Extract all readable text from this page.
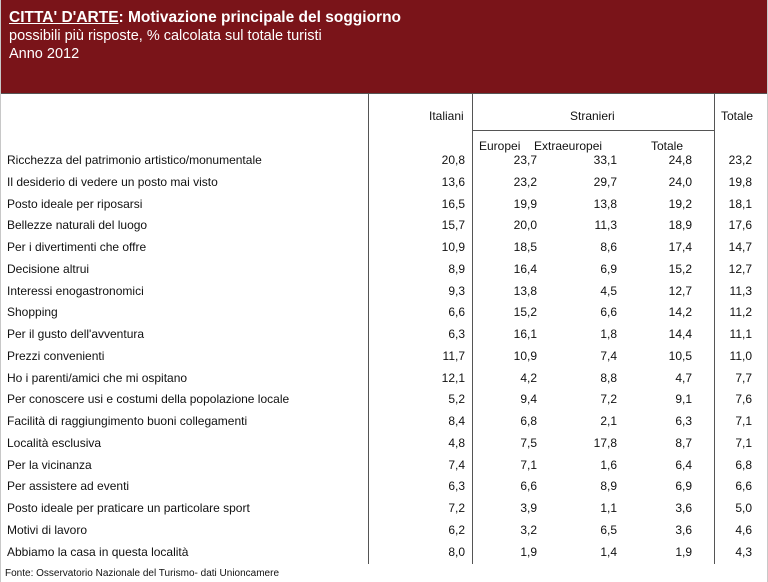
CITTA' D'ARTE: Motivazione principale del soggiorno
possibili più risposte, % calcolata sul totale turisti
Anno 2012
Italiani	Stranieri	Totale
Europei Extraeuropei	Totale
Ricchezza del patrimonio artistico/monumentale	20,8	23,7	33,1	24,8	23,2
Il desiderio di vedere un posto mai visto	13,6	23,2	29,7	24,0	19,8
Posto ideale per riposarsi	16,5	19,9	13,8	19,2	18,1
Bellezze naturali del luogo	15,7	20,0	11,3	18,9	17,6
Per i divertimenti che offre	10,9	18,5	8,6	17,4	14,7
Decisione altrui	8,9	16,4	6,9	15,2	12,7
Interessi enogastronomici	9,3	13,8	4,5	12,7	11,3
Shopping	6,6	15,2	6,6	14,2	11,2
Per il gusto dell'avventura	6,3	16,1	1,8	14,4	11,1
Prezzi convenienti	11,7	10,9	7,4	10,5	11,0
Ho i parenti/amici che mi ospitano	12,1	4,2	8,8	4,7	7,7
Per conoscere usi e costumi della popolazione locale	5,2	9,4	7,2	9,1	7,6
Facilità di raggiungimento buoni collegamenti	8,4	6,8	2,1	6,3	7,1
Località esclusiva	4,8	7,5	17,8	8,7	7,1
Per la vicinanza	7,4	7,1	1,6	6,4	6,8
Per assistere ad eventi	6,3	6,6	8,9	6,9	6,6
Posto ideale per praticare un particolare sport	7,2	3,9	1,1	3,6	5,0
Motivi di lavoro	6,2	3,2	6,5	3,6	4,6
Abbiamo la casa in questa località	8,0	1,9	1,4	1,9	4,3
Fonte: Osservatorio Nazionale del Turismo- dati Unioncamere
